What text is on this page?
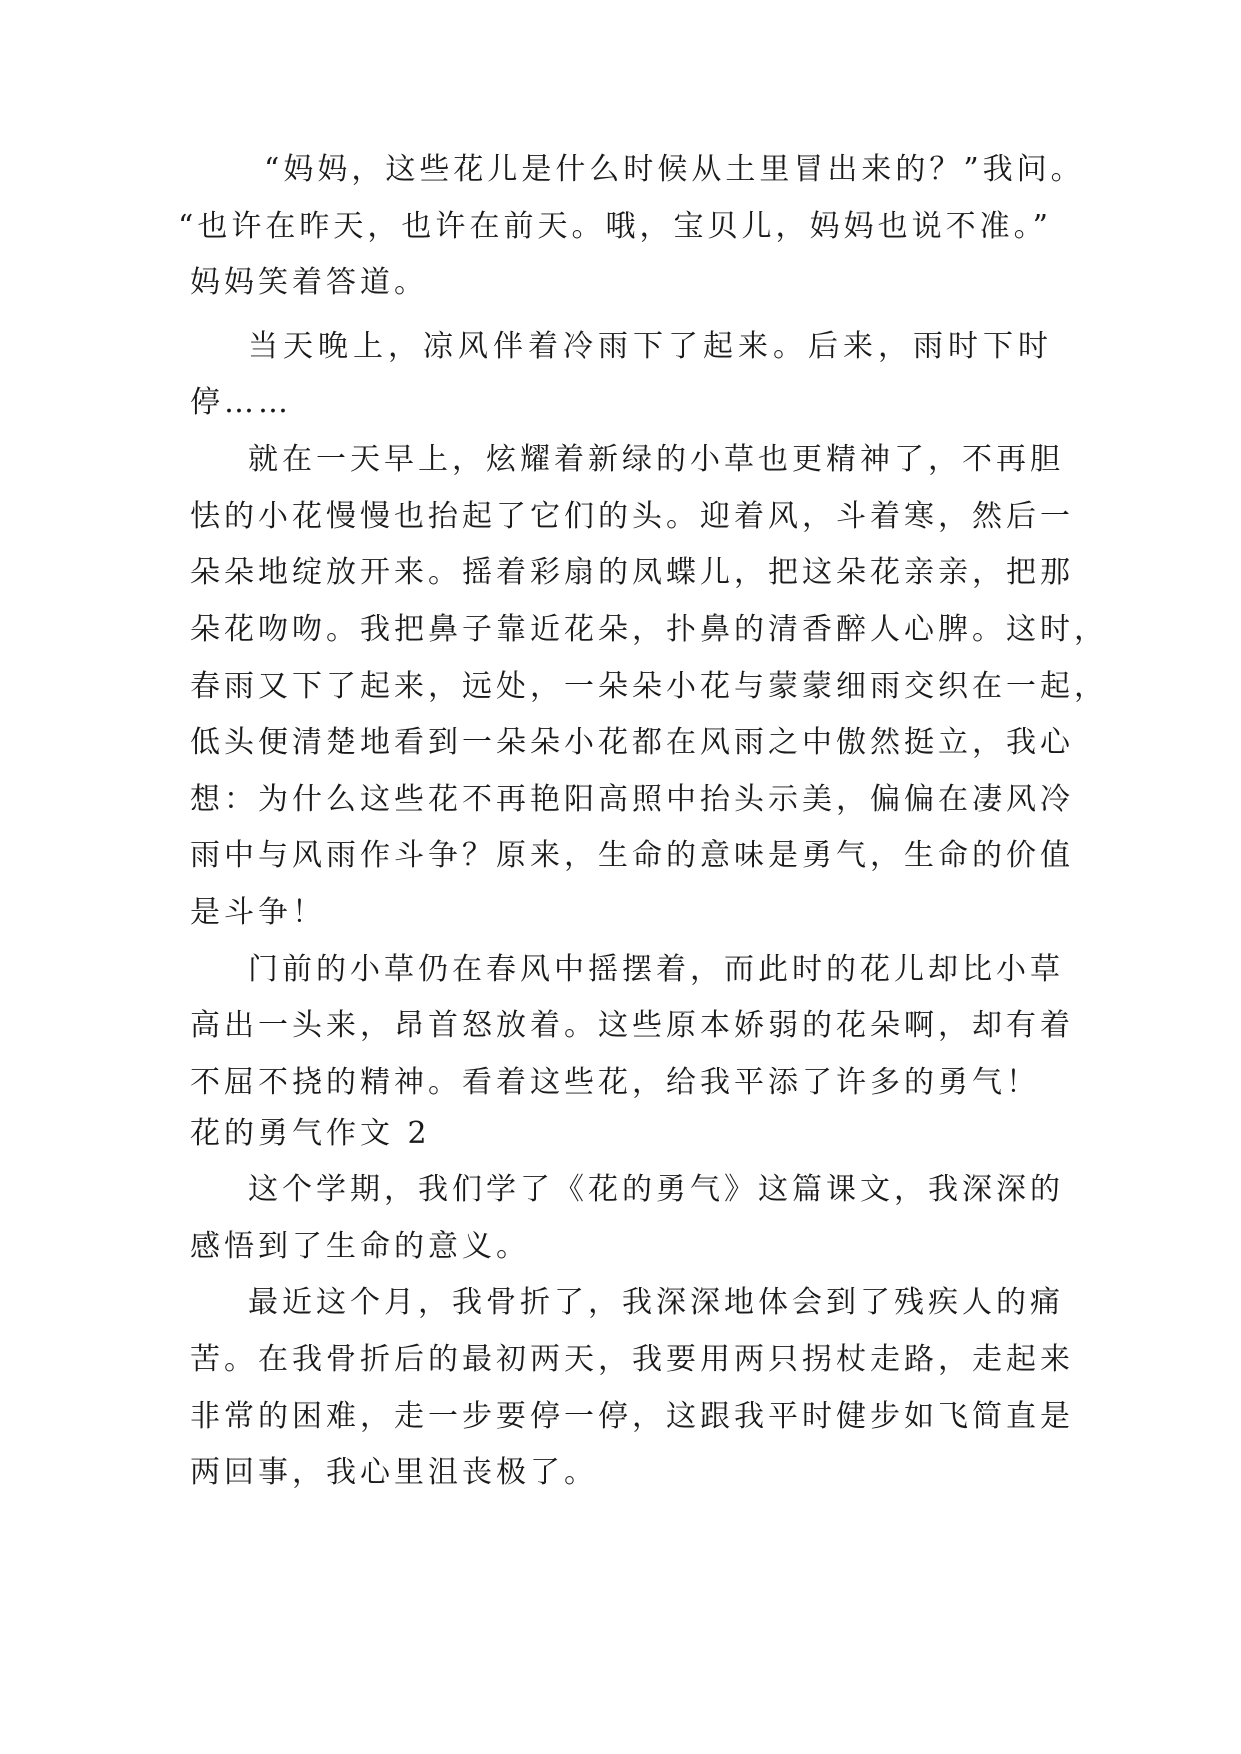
“妈妈，这些花儿是什么时候从土里冒出来的？”我问。
“也许在昨天，也许在前天。哦，宝贝儿，妈妈也说不准。”
妈妈笑着答道。
当天晚上，凉风伴着冷雨下了起来。后来，雨时下时
停……
就在一天早上，炫耀着新绿的小草也更精神了，不再胆
怯的小花慢慢也抬起了它们的头。迎着风，斗着寒，然后一
朵朵地绽放开来。摇着彩扇的凤蝶儿，把这朵花亲亲，把那
朵花吻吻。我把鼻子靠近花朵，扑鼻的清香醉人心脾。这时，
春雨又下了起来，远处，一朵朵小花与蒙蒙细雨交织在一起，
低头便清楚地看到一朵朵小花都在风雨之中傲然挺立，我心
想：为什么这些花不再艳阳高照中抬头示美，偏偏在凄风冷
雨中与风雨作斗争？原来，生命的意味是勇气，生命的价值
是斗争！
门前的小草仍在春风中摇摆着，而此时的花儿却比小草
高出一头来，昂首怒放着。这些原本娇弱的花朵啊，却有着
不屈不挠的精神。看着这些花，给我平添了许多的勇气！
花的勇气作文 2
这个学期，我们学了《花的勇气》这篇课文，我深深的
感悟到了生命的意义。
最近这个月，我骨折了，我深深地体会到了残疾人的痛
苦。在我骨折后的最初两天，我要用两只拐杖走路，走起来
非常的困难，走一步要停一停，这跟我平时健步如飞简直是
两回事，我心里沮丧极了。
